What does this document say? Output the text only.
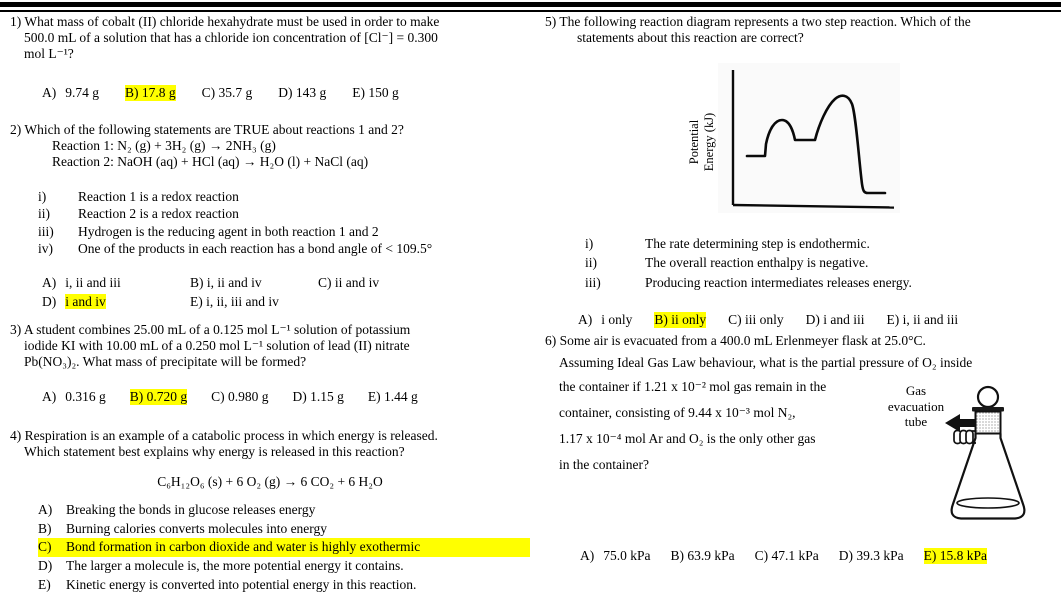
1) What mass of cobalt (II) chloride hexahydrate must be used in order to make
500.0 mL of a solution that has a chloride ion concentration of [Cl⁻] = 0.300
mol L⁻¹?
A) 9.74 g B) 17.8 g C) 35.7 g D) 143 g E) 150 g
2) Which of the following statements are TRUE about reactions 1 and 2?
Reaction 1: N₂ (g) + 3H₂ (g) → 2NH₃ (g)
Reaction 2: NaOH (aq) + HCl (aq) → H₂O (l) + NaCl (aq)
i) Reaction 1 is a redox reaction
ii) Reaction 2 is a redox reaction
iii) Hydrogen is the reducing agent in both reaction 1 and 2
iv) One of the products in each reaction has a bond angle of < 109.5°
A) i, ii and iii	B) i, ii and iv	C) ii and iv
D) i and iv	E) i, ii, iii and iv
3) A student combines 25.00 mL of a 0.125 mol L⁻¹ solution of potassium
iodide KI with 10.00 mL of a 0.250 mol L⁻¹ solution of lead (II) nitrate
Pb(NO₃)₂. What mass of precipitate will be formed?
A) 0.316 g B) 0.720 g C) 0.980 g D) 1.15 g E) 1.44 g
4) Respiration is an example of a catabolic process in which energy is released.
Which statement best explains why energy is released in this reaction?
C₆H₁₂O₆ (s) + 6 O₂ (g) → 6 CO₂ + 6 H₂O
A) Breaking the bonds in glucose releases energy
B) Burning calories converts molecules into energy
C) Bond formation in carbon dioxide and water is highly exothermic
D) The larger a molecule is, the more potential energy it contains.
E) Kinetic energy is converted into potential energy in this reaction.
5) The following reaction diagram represents a two step reaction. Which of the
statements about this reaction are correct?
Potential Energy (kJ)
i)	The rate determining step is endothermic.
ii)	The overall reaction enthalpy is negative.
iii)	Producing reaction intermediates releases energy.
A) i only B) ii only C) iii only D) i and iii E) i, ii and iii
Gas
evacuation
tube
6) Some air is evacuated from a 400.0 mL Erlenmeyer flask at 25.0°C.
Assuming Ideal Gas Law behaviour, what is the partial pressure of O₂ inside
the container if 1.21 x 10⁻² mol gas remain in the
container, consisting of 9.44 x 10⁻³ mol N₂,
1.17 x 10⁻⁴ mol Ar and O₂ is the only other gas
in the container?
A) 75.0 kPa B) 63.9 kPa C) 47.1 kPa D) 39.3 kPa E) 15.8 kPa
